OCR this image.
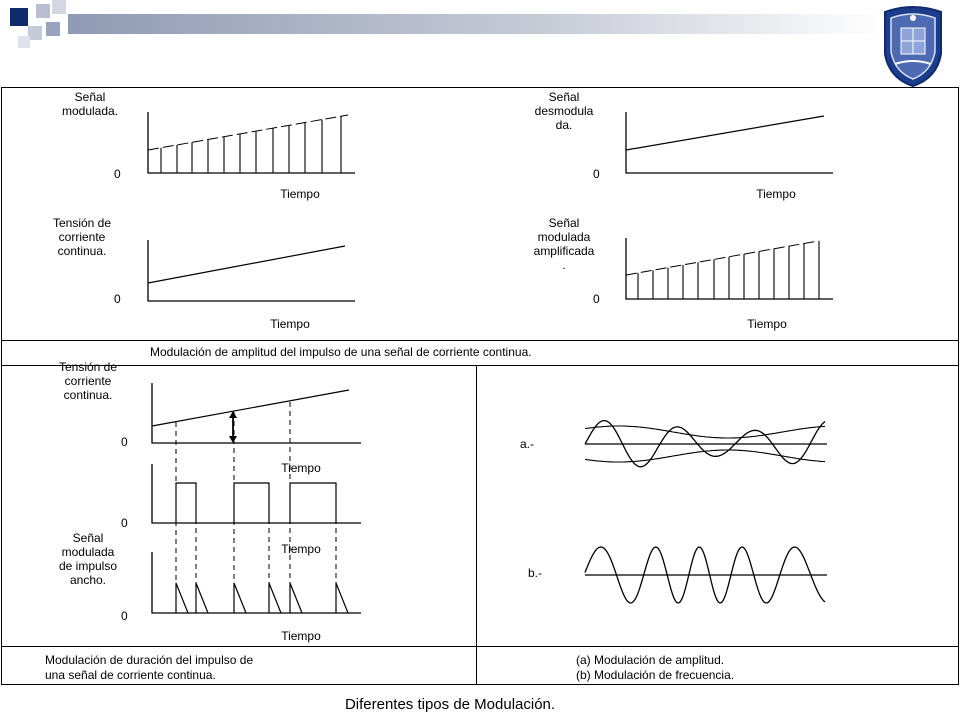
Señal
modulada.
0
Tiempo
Señal
desmodula
da.
0
Tiempo
Tensión de
corriente
continua.
0
Tiempo
Señal
modulada
amplificada
.
0
Tiempo
Modulación de amplitud del impulso de una señal de corriente continua.
Tensión de
corriente
continua.
Señal
modulada
de impulso
ancho.
0
0
0
Tiempo
Tiempo
Tiempo
Modulación de duración del impulso de
una señal de corriente continua.
a.-
b.-
(a) Modulación de amplitud.
(b) Modulación de frecuencia.
Diferentes tipos de Modulación.
